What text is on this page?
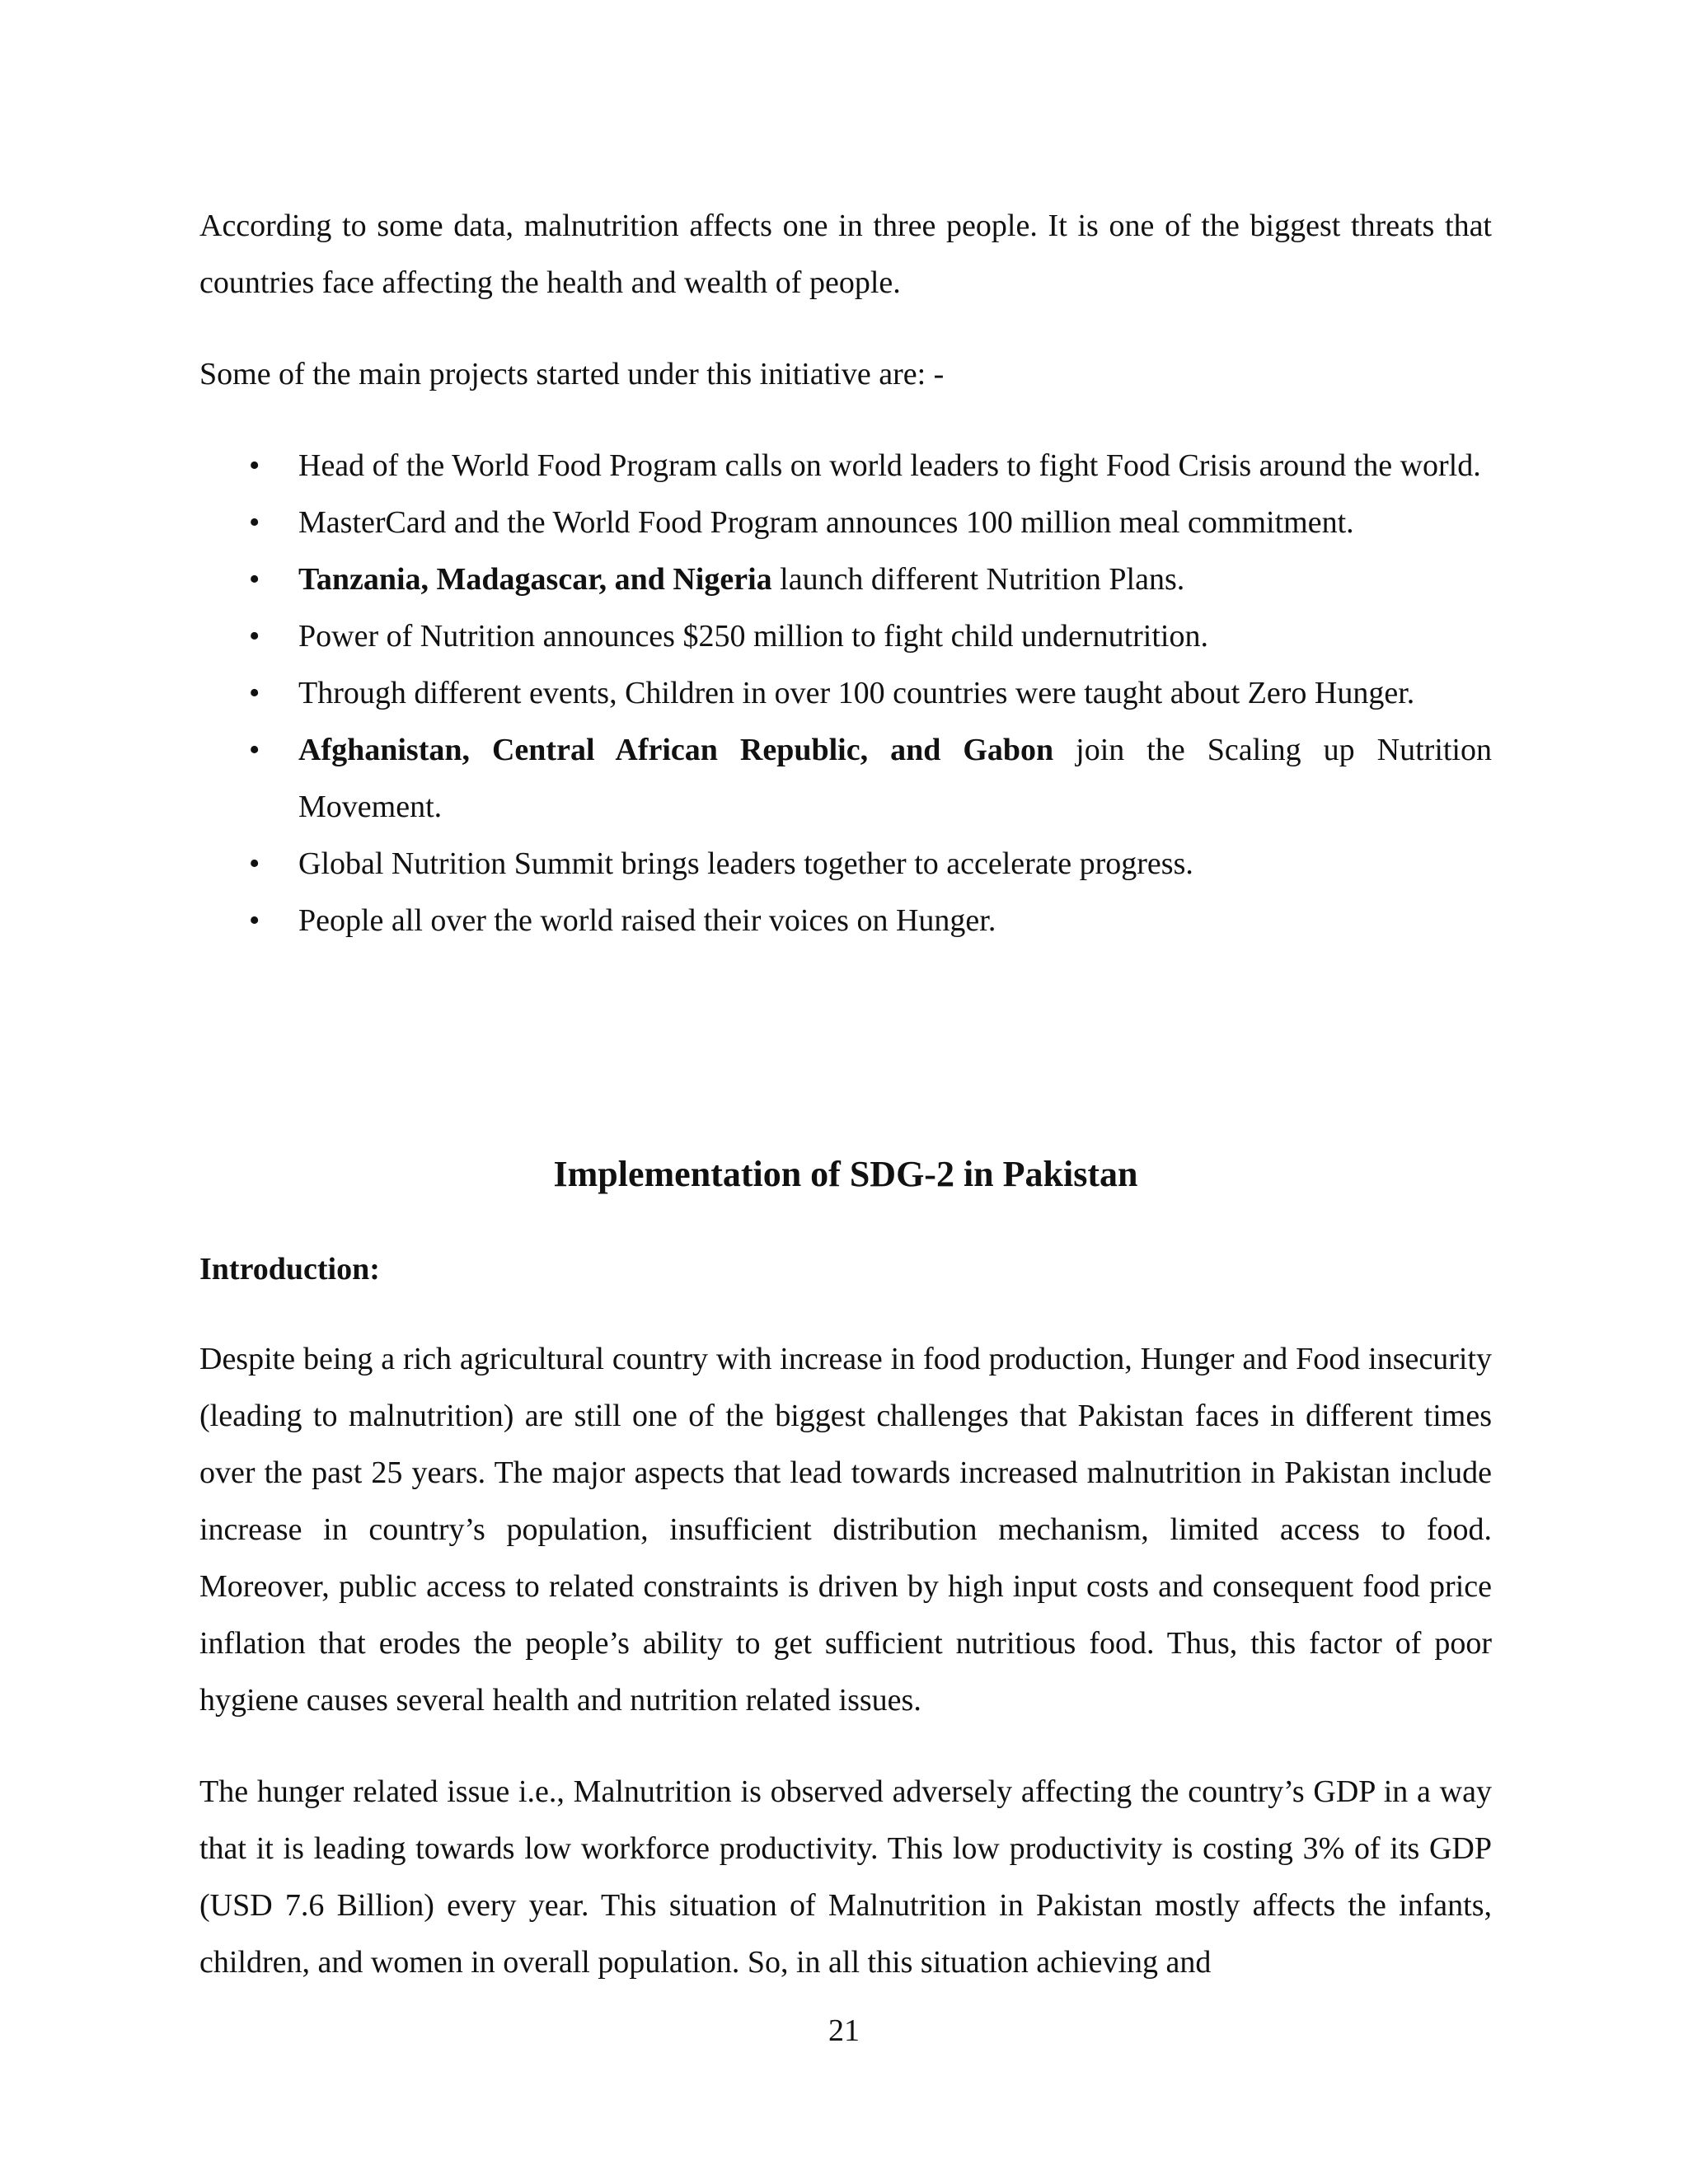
According to some data, malnutrition affects one in three people. It is one of the biggest threats that countries face affecting the health and wealth of people.

Some of the main projects started under this initiative are: -

• Head of the World Food Program calls on world leaders to fight Food Crisis around the world.
• MasterCard and the World Food Program announces 100 million meal commitment.
• Tanzania, Madagascar, and Nigeria launch different Nutrition Plans.
• Power of Nutrition announces $250 million to fight child undernutrition.
• Through different events, Children in over 100 countries were taught about Zero Hunger.
• Afghanistan, Central African Republic, and Gabon join the Scaling up Nutrition Movement.
• Global Nutrition Summit brings leaders together to accelerate progress.
• People all over the world raised their voices on Hunger.
Implementation of SDG-2 in Pakistan
Introduction:

Despite being a rich agricultural country with increase in food production, Hunger and Food insecurity (leading to malnutrition) are still one of the biggest challenges that Pakistan faces in different times over the past 25 years. The major aspects that lead towards increased malnutrition in Pakistan include increase in country’s population, insufficient distribution mechanism, limited access to food. Moreover, public access to related constraints is driven by high input costs and consequent food price inflation that erodes the people’s ability to get sufficient nutritious food. Thus, this factor of poor hygiene causes several health and nutrition related issues.

The hunger related issue i.e., Malnutrition is observed adversely affecting the country’s GDP in a way that it is leading towards low workforce productivity. This low productivity is costing 3% of its GDP (USD 7.6 Billion) every year. This situation of Malnutrition in Pakistan mostly affects the infants, children, and women in overall population. So, in all this situation achieving and

21
